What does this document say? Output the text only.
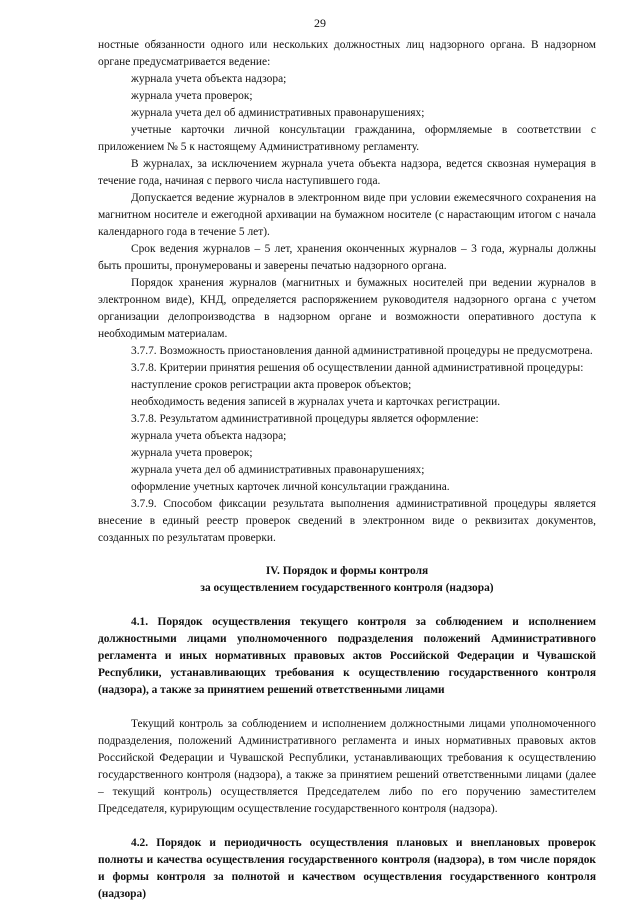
29
ностные обязанности одного или нескольких должностных лиц надзорного органа. В надзорном органе предусматривается ведение:
журнала учета объекта надзора;
журнала учета проверок;
журнала учета дел об административных правонарушениях;
учетные карточки личной консультации гражданина, оформляемые в соответствии с приложением № 5 к настоящему Административному регламенту.
В журналах, за исключением журнала учета объекта надзора, ведется сквозная нумерация в течение года, начиная с первого числа наступившего года.
Допускается ведение журналов в электронном виде при условии ежемесячного сохранения на магнитном носителе и ежегодной архивации на бумажном носителе (с нарастающим итогом с начала календарного года в течение 5 лет).
Срок ведения журналов – 5 лет, хранения оконченных журналов – 3 года, журналы должны быть прошиты, пронумерованы и заверены печатью надзорного органа.
Порядок хранения журналов (магнитных и бумажных носителей при ведении журналов в электронном виде), КНД, определяется распоряжением руководителя надзорного органа с учетом организации делопроизводства в надзорном органе и возможности оперативного доступа к необходимым материалам.
3.7.7. Возможность приостановления данной административной процедуры не предусмотрена.
3.7.8. Критерии принятия решения об осуществлении данной административной процедуры:
наступление сроков регистрации акта проверок объектов;
необходимость ведения записей в журналах учета и карточках регистрации.
3.7.8. Результатом административной процедуры является оформление:
журнала учета объекта надзора;
журнала учета проверок;
журнала учета дел об административных правонарушениях;
оформление учетных карточек личной консультации гражданина.
3.7.9. Способом фиксации результата выполнения административной процедуры является внесение в единый реестр проверок сведений в электронном виде о реквизитах документов, созданных по результатам проверки.
IV. Порядок и формы контроля
за осуществлением государственного контроля (надзора)
4.1. Порядок осуществления текущего контроля за соблюдением и исполнением должностными лицами уполномоченного подразделения положений Административного регламента и иных нормативных правовых актов Российской Федерации и Чувашской Республики, устанавливающих требования к осуществлению государственного контроля (надзора), а также за принятием решений ответственными лицами
Текущий контроль за соблюдением и исполнением должностными лицами уполномоченного подразделения, положений Административного регламента и иных нормативных правовых актов Российской Федерации и Чувашской Республики, устанавливающих требования к осуществлению государственного контроля (надзора), а также за принятием решений ответственными лицами (далее – текущий контроль) осуществляется Председателем либо по его поручению заместителем Председателя, курирующим осуществление государственного контроля (надзора).
4.2. Порядок и периодичность осуществления плановых и внеплановых проверок полноты и качества осуществления государственного контроля (надзора), в том числе порядок и формы контроля за полнотой и качеством осуществления государственного контроля (надзора)
